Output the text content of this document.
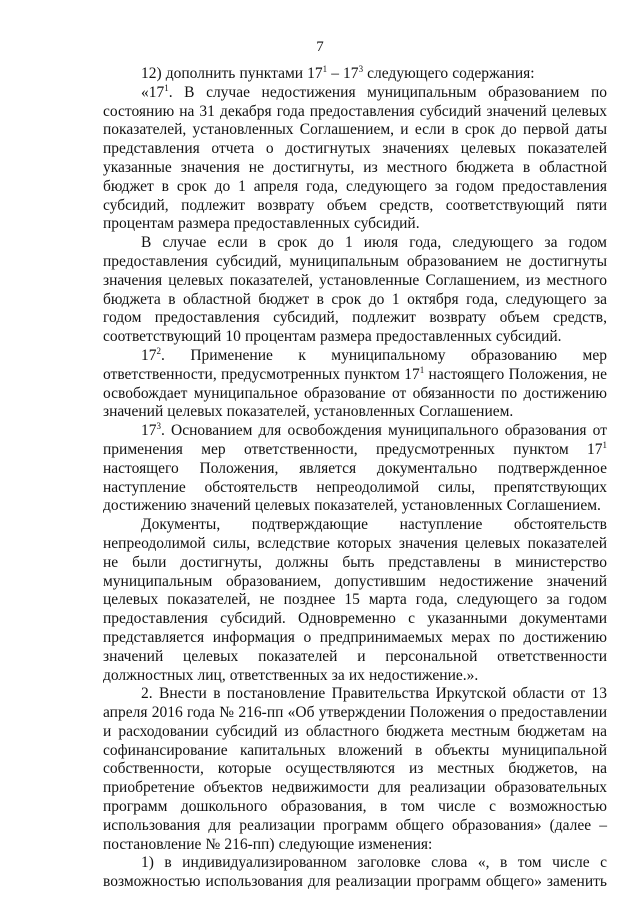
7

12) дополнить пунктами $17^1 - 17^3$ следующего содержания:

«$17^1$. В случае недостижения муниципальным образованием по состоянию на 31 декабря года предоставления субсидий значений целевых показателей, установленных Соглашением, и если в срок до первой даты представления отчета о достигнутых значениях целевых показателей указанные значения не достигнуты, из местного бюджета в областной бюджет в срок до 1 апреля года, следующего за годом предоставления субсидий, подлежит возврату объем средств, соответствующий пяти процентам размера предоставленных субсидий.

В случае если в срок до 1 июля года, следующего за годом предоставления субсидий, муниципальным образованием не достигнуты значения целевых показателей, установленные Соглашением, из местного бюджета в областной бюджет в срок до 1 октября года, следующего за годом предоставления субсидий, подлежит возврату объем средств, соответствующий 10 процентам размера предоставленных субсидий.

$17^2$. Применение к муниципальному образованию мер ответственности, предусмотренных пунктом $17^1$ настоящего Положения, не освобождает муниципальное образование от обязанности по достижению значений целевых показателей, установленных Соглашением.

$17^3$. Основанием для освобождения муниципального образования от применения мер ответственности, предусмотренных пунктом $17^1$ настоящего Положения, является документально подтвержденное наступление обстоятельств непреодолимой силы, препятствующих достижению значений целевых показателей, установленных Соглашением.

Документы, подтверждающие наступление обстоятельств непреодолимой силы, вследствие которых значения целевых показателей не были достигнуты, должны быть представлены в министерство муниципальным образованием, допустившим недостижение значений целевых показателей, не позднее 15 марта года, следующего за годом предоставления субсидий. Одновременно с указанными документами представляется информация о предпринимаемых мерах по достижению значений целевых показателей и персональной ответственности должностных лиц, ответственных за их недостижение.».

2. Внести в постановление Правительства Иркутской области от 13 апреля 2016 года № 216-пп «Об утверждении Положения о предоставлении и расходовании субсидий из областного бюджета местным бюджетам на софинансирование капитальных вложений в объекты муниципальной собственности, которые осуществляются из местных бюджетов, на приобретение объектов недвижимости для реализации образовательных программ дошкольного образования, в том числе с возможностью использования для реализации программ общего образования» (далее – постановление № 216-пп) следующие изменения:

1) в индивидуализированном заголовке слова «, в том числе с возможностью использования для реализации программ общего» заменить
